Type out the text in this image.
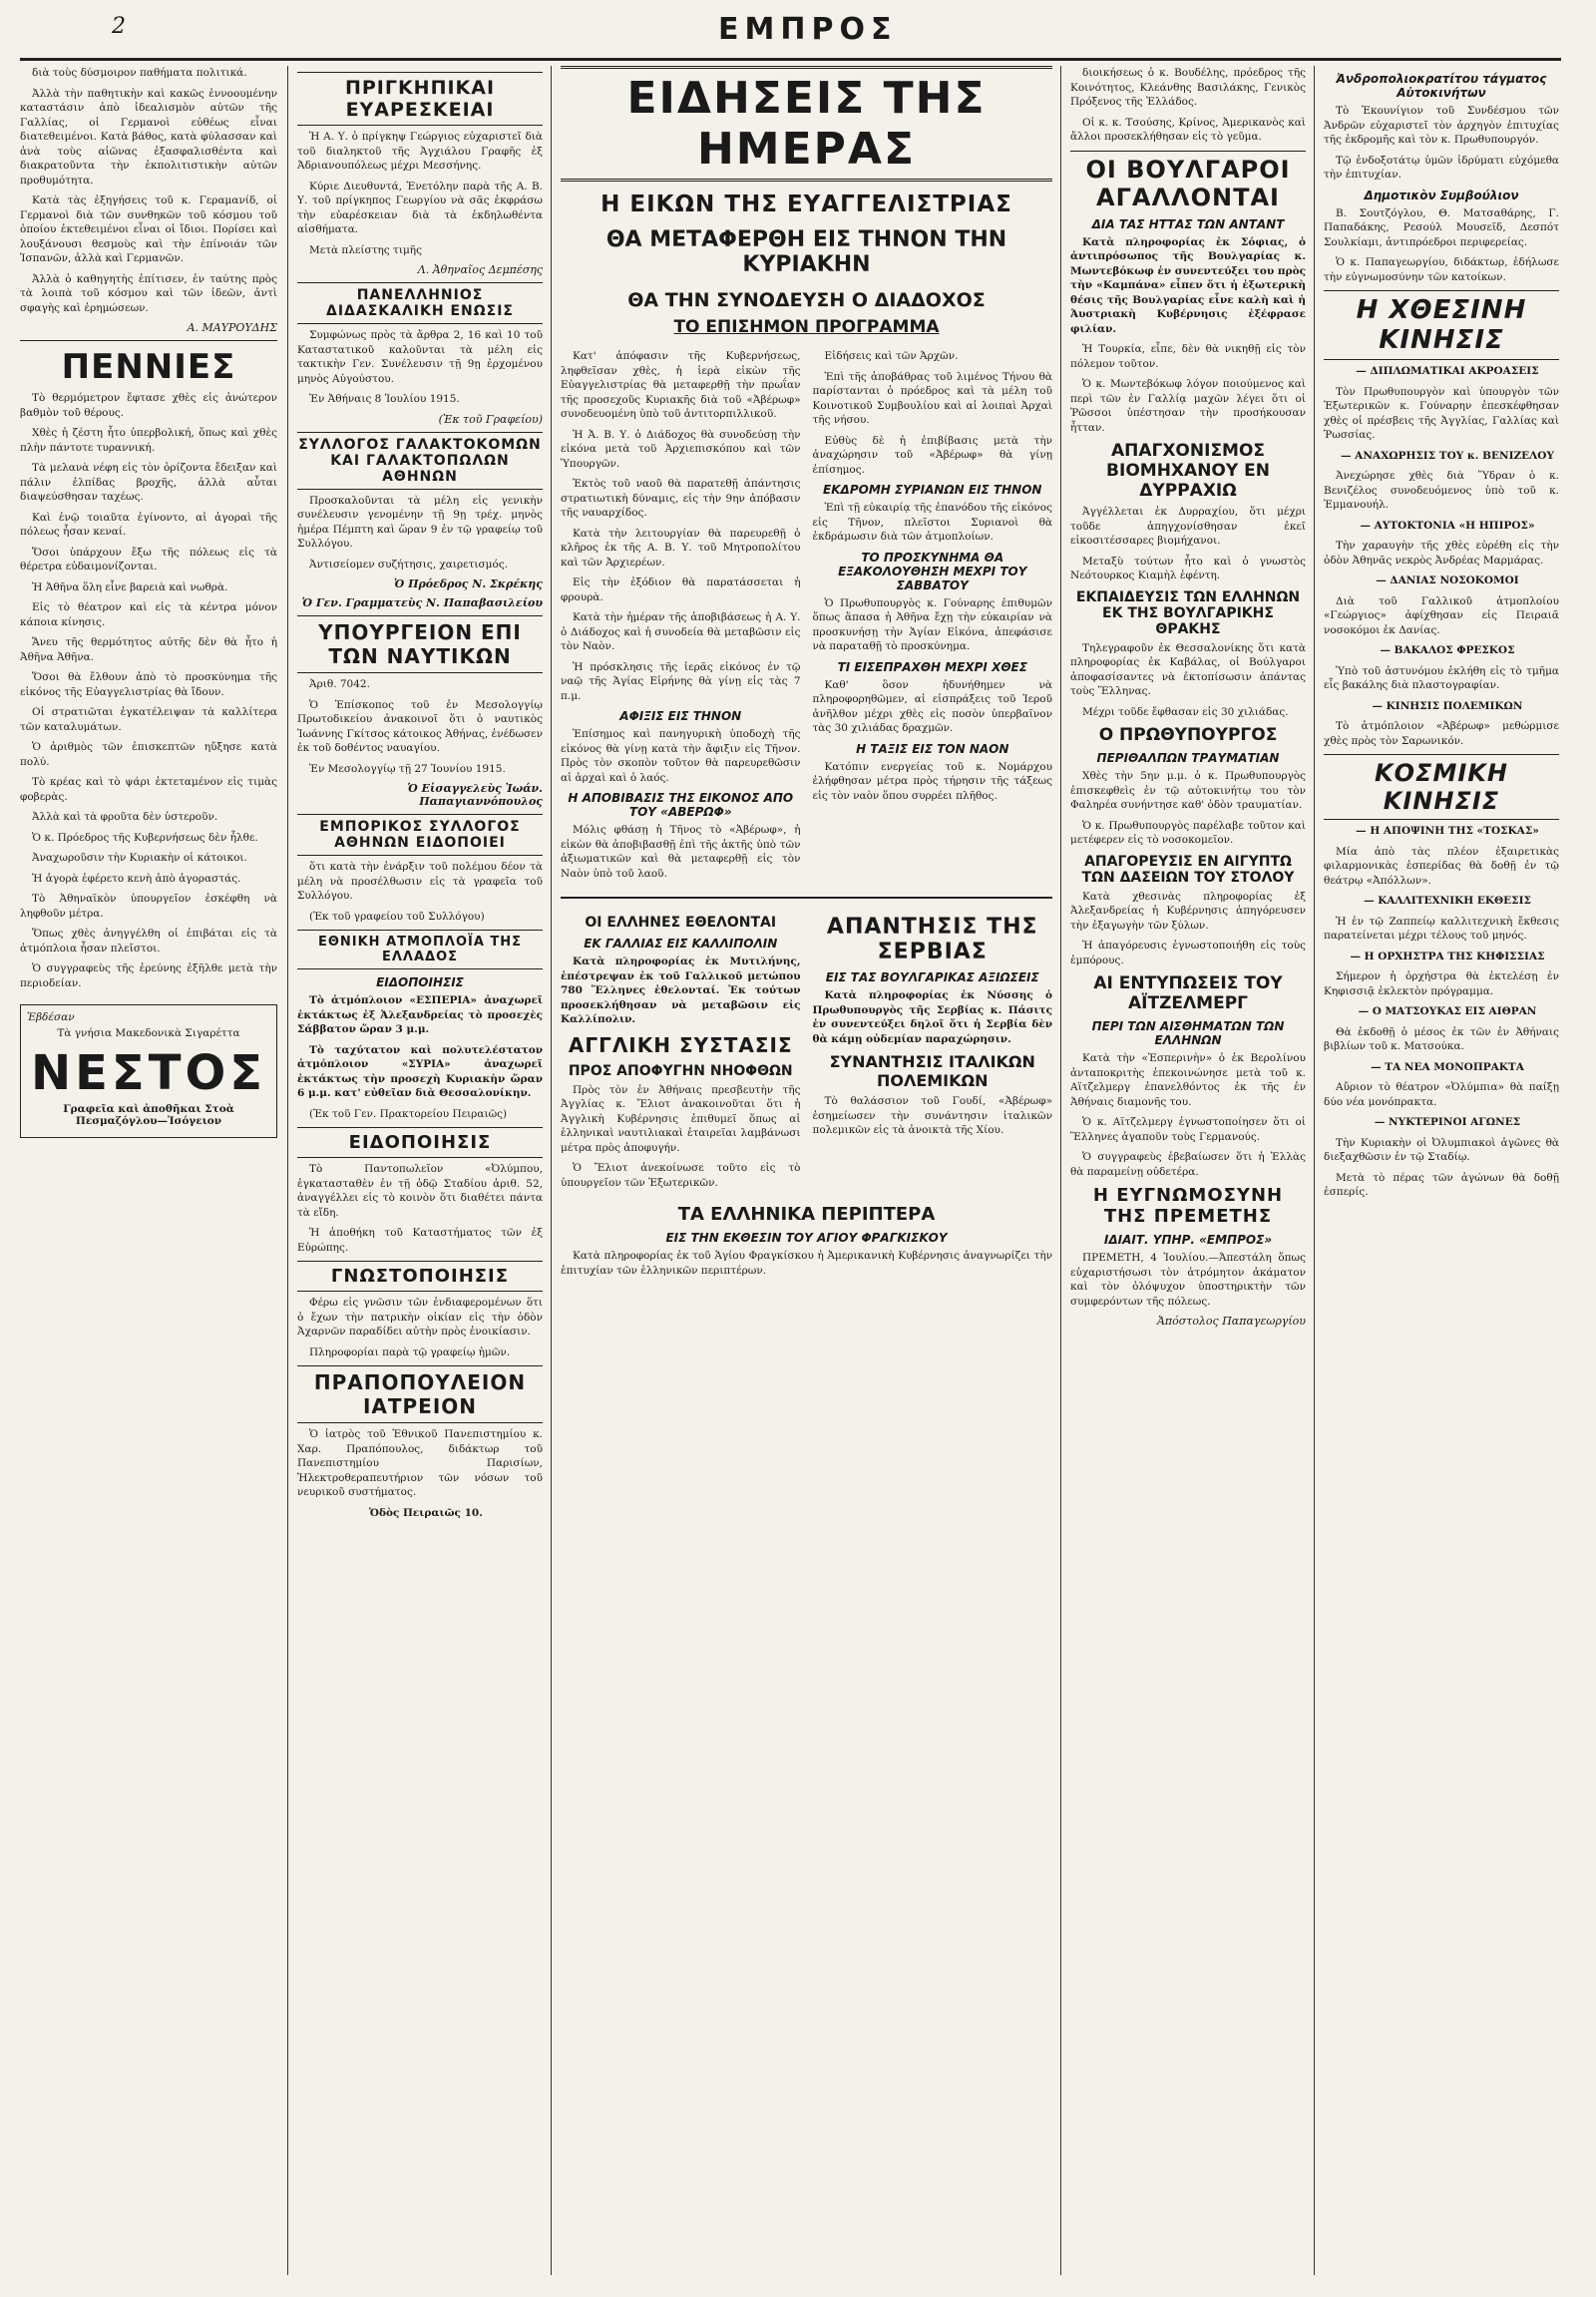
2	ΕΜΠΡΟΣ

διὰ τοὺς δύσμοιρον παθήματα πολιτικά.

Ἀλλὰ τὴν παθητικὴν καὶ κακῶς ἐννοουμένην καταστάσιν ἀπὸ ἰδεαλισμὸν αὐτῶν τῆς Γαλλίας, οἱ Γερμανοὶ εὐθέως εἶναι διατεθειμένοι. Κατὰ βάθος, κατὰ φύλασσαν καὶ ἀνὰ τοὺς αἰῶνας ἐξασφαλισθέντα καὶ διακρατοῦντα τὴν ἐκπολιτιστικὴν αὐτῶν προθυμότητα.

Κατὰ τὰς ἐξηγήσεις τοῦ κ. Γεραμανίδ, οἱ Γερμανοὶ διὰ τῶν συνθηκῶν τοῦ κόσμου τοῦ ὁποίου ἐκτεθειμένοι εἶναι οἱ ἴδιοι. Πορίσει καὶ λουξάνουσι θεσμοὺς καὶ τὴν ἐπίνοιάν τῶν Ἰσπανῶν, ἀλλὰ καὶ Γερμανῶν.

Ἀλλὰ ὁ καθηγητὴς ἐπίτισεν, ἐν ταύτης πρὸς τὰ λοιπὰ τοῦ κόσμου καὶ τῶν ἰδεῶν, ἀντὶ σφαγὴς καὶ ἐρημώσεων.

Α. ΜΑΥΡΟΥΔΗΣ
ΠΕΝΝΙΕΣ

Τὸ θερμόμετρον ἔφτασε χθὲς εἰς ἀνώτερον βαθμὸν τοῦ θέρους.

Χθὲς ἡ ζέστη ἦτο ὑπερβολική, ὅπως καὶ χθὲς πλὴν πάντοτε τυραννική.

Τὰ μελανὰ νέφη εἰς τὸν ὁρίζοντα ἔδειξαν καὶ πάλιν ἐλπίδας βροχῆς, ἀλλὰ αὗται διαψεύσθησαν ταχέως.

Καὶ ἐνῷ τοιαῦτα ἐγίνοντο, αἱ ἀγοραὶ τῆς πόλεως ἦσαν κεναί.

Ὅσοι ὑπάρχουν ἔξω τῆς πόλεως εἰς τὰ θέρετρα εὐδαιμονίζονται.

Ἡ Ἀθῆνα ὅλη εἶνε βαρειὰ καὶ νωθρὰ.

Εἰς τὸ θέατρον καὶ εἰς τὰ κέντρα μόνον κάποια κίνησις.

Ἄνευ τῆς θερμότητος αὐτῆς δὲν θὰ ἦτο ἡ Ἀθῆνα Ἀθῆνα.

Ὅσοι θὰ ἔλθουν ἀπὸ τὸ προσκύνημα τῆς εἰκόνος τῆς Εὐαγγελιστρίας θὰ ἴδουν.

Οἱ στρατιῶται ἐγκατέλειψαν τὰ καλλίτερα τῶν καταλυμάτων.

Ὁ ἀριθμὸς τῶν ἐπισκεπτῶν ηὔξησε κατὰ πολύ.

Τὸ κρέας καὶ τὸ ψάρι ἐκτεταμένον εἰς τιμὰς φοβερὰς.

Ἀλλὰ καὶ τὰ φροῦτα δὲν ὑστεροῦν.

Ὁ κ. Πρόεδρος τῆς Κυβερνήσεως δὲν ἦλθε.

Ἀναχωροῦσιν τὴν Κυριακὴν οἱ κάτοικοι.

Ἡ ἀγορὰ ἐφέρετο κενὴ ἀπὸ ἀγοραστάς.

Τὸ Ἀθηναϊκὸν ὑπουργεῖον ἐσκέφθη νὰ ληφθοῦν μέτρα.

Ὅπως χθὲς ἀνηγγέλθη οἱ ἐπιβάται εἰς τὰ ἀτμόπλοια ἦσαν πλεῖστοι.

Ὁ συγγραφεὺς τῆς ἐρεύνης ἐξῆλθε μετὰ τὴν περιοδείαν.

Ἐβδέσαν
Τὰ γνήσια Μακεδονικὰ Σιγαρέττα
ΝΕΣΤΟΣ
Γραφεῖα καὶ ἀποθῆκαι Στοὰ Πεσμαζόγλου—Ἰσόγειον
ΠΡΙΓΚΗΠΙΚΑΙ ΕΥΑΡΕΣΚΕΙΑΙ

Ἡ Α. Υ. ὁ πρίγκηψ Γεώργιος εὐχαριστεῖ διὰ τοῦ διαληκτοῦ τῆς Ἀγχιάλου Γραφῆς ἐξ Ἀδριανουπόλεως μέχρι Μεσσήνης.

Κύριε Διευθυντά, Ἐνετόλην παρὰ τῆς Α. Β. Υ. τοῦ πρίγκηπος Γεωργίου νὰ σᾶς ἐκφράσω τὴν εὐαρέσκειαν διὰ τὰ ἐκδηλωθέντα αἰσθήματα.

Μετὰ πλείστης τιμῆς

Λ. Ἀθηναῖος Δεμπέσης
ΠΑΝΕΛΛΗΝΙΟΣ ΔΙΔΑΣΚΑΛΙΚΗ ΕΝΩΣΙΣ

Συμφώνως πρὸς τὰ ἄρθρα 2, 16 καὶ 10 τοῦ Καταστατικοῦ καλοῦνται τὰ μέλη εἰς τακτικὴν Γεν. Συνέλευσιν τῇ 9ῃ ἐρχομένου μηνὸς Αὐγούστου.

Ἐν Ἀθήναις 8 Ἰουλίου 1915.

(Ἐκ τοῦ Γραφείου)
ΣΥΛΛΟΓΟΣ ΓΑΛΑΚΤΟΚΟΜΩΝ ΚΑΙ ΓΑΛΑΚΤΟΠΩΛΩΝ ΑΘΗΝΩΝ

Προσκαλοῦνται τὰ μέλη εἰς γενικὴν συνέλευσιν γενομένην τῇ 9ῃ τρέχ. μηνὸς ἡμέρα Πέμπτη καὶ ὥραν 9 ἐν τῷ γραφείῳ τοῦ Συλλόγου.

Ἀντισείομεν συζήτησις, χαιρετισμός.

Ὁ Πρόεδρος Ν. Σκρέκης
Ὁ Γεν. Γραμματεὺς Ν. Παπαβασιλείου
ΥΠΟΥΡΓΕΙΟΝ ΕΠΙ ΤΩΝ ΝΑΥΤΙΚΩΝ

Ἀριθ. 7042.

Ὁ Ἐπίσκοπος τοῦ ἐν Μεσολογγίῳ Πρωτοδικείου ἀνακοινοῖ ὅτι ὁ ναυτικὸς Ἰωάννης Γκίτσος κάτοικος Ἀθήνας, ἐνέδωσεν ἐκ τοῦ δοθέντος ναυαγίου.

Ἐν Μεσολογγίῳ τῇ 27 Ἰουνίου 1915.

Ὁ Εἰσαγγελεὺς Ἰωάν. Παπαγιαννόπουλος
ΕΜΠΟΡΙΚΟΣ ΣΥΛΛΟΓΟΣ ΑΘΗΝΩΝ ΕΙΔΟΠΟΙΕΙ

ὅτι κατὰ τὴν ἐνάρξιν τοῦ πολέμου δέον τὰ μέλη νὰ προσέλθωσιν εἰς τὰ γραφεῖα τοῦ Συλλόγου.

(Ἐκ τοῦ γραφείου τοῦ Συλλόγου)

ΕΘΝΙΚΗ ΑΤΜΟΠΛΟΪΑ ΤΗΣ ΕΛΛΑΔΟΣ
ΕΙΔΟΠΟΙΗΣΙΣ

Τὸ ἀτμόπλοιον «ΕΣΠΕΡΙΑ» ἀναχωρεῖ ἐκτάκτως ἐξ Ἀλεξανδρείας τὸ προσεχὲς Σάββατον ὥραν 3 μ.μ.

Τὸ ταχύτατον καὶ πολυτελέστατον ἀτμόπλοιον «ΣΥΡΙΑ» ἀναχωρεῖ ἐκτάκτως τὴν προσεχὴ Κυριακὴν ὥραν 6 μ.μ. κατ' εὐθεῖαν διὰ Θεσσαλονίκην.

(Ἐκ τοῦ Γεν. Πρακτορείου Πειραιῶς)

ΕΙΔΟΠΟΙΗΣΙΣ

Τὸ Παντοπωλεῖον «Ὀλύμπου, ἐγκατασταθὲν ἐν τῇ ὁδῷ Σταδίου ἀριθ. 52, ἀναγγέλλει εἰς τὸ κοινὸν ὅτι διαθέτει πάντα τὰ εἴδη.

Ἡ ἀποθήκη τοῦ Καταστήματος τῶν ἐξ Εὐρώπης.

ΓΝΩΣΤΟΠΟΙΗΣΙΣ

Φέρω εἰς γνῶσιν τῶν ἐνδιαφερομένων ὅτι ὁ ἔχων τὴν πατρικὴν οἰκίαν εἰς τὴν ὁδὸν Ἀχαρνῶν παραδίδει αὐτὴν πρὸς ἐνοικίασιν.

Πληροφορίαι παρὰ τῷ γραφείῳ ἡμῶν.

ΠΡΑΠΟΠΟΥΛΕΙΟΝ ΙΑΤΡΕΙΟΝ

Ὁ ἰατρὸς τοῦ Ἐθνικοῦ Πανεπιστημίου κ. Χαρ. Πραπόπουλος, διδάκτωρ τοῦ Πανεπιστημίου Παρισίων, Ἠλεκτροθεραπευτήριον τῶν νόσων τοῦ νευρικοῦ συστήματος.

Ὁδὸς Πειραιῶς 10.

ΕΙΔΗΣΕΙΣ ΤΗΣ ΗΜΕΡΑΣ
Η ΕΙΚΩΝ ΤΗΣ ΕΥΑΓΓΕΛΙΣΤΡΙΑΣ
ΘΑ ΜΕΤΑΦΕΡΘΗ ΕΙΣ ΤΗΝΟΝ ΤΗΝ ΚΥΡΙΑΚΗΝ
ΘΑ ΤΗΝ ΣΥΝΟΔΕΥΣΗ Ο ΔΙΑΔΟΧΟΣ
ΤΟ ΕΠΙΣΗΜΟΝ ΠΡΟΓΡΑΜΜΑ

Κατ' ἀπόφασιν τῆς Κυβερνήσεως, ληφθεῖσαν χθὲς, ἡ ἱερὰ εἰκὼν τῆς Εὐαγγελιστρίας θὰ μεταφερθῇ τὴν πρωΐαν τῆς προσεχοῦς Κυριακῆς διὰ τοῦ «Ἀβέρωφ» συνοδευομένη ὑπὸ τοῦ ἀντιτορπιλλικοῦ.

Ἡ Ἀ. Β. Υ. ὁ Διάδοχος θὰ συνοδεύσῃ τὴν εἰκόνα μετὰ τοῦ Ἀρχιεπισκόπου καὶ τῶν Ὑπουργῶν.

Ἐκτὸς τοῦ ναοῦ θὰ παρατεθῇ ἀπάντησις στρατιωτικὴ δύναμις, εἰς τὴν 9ην ἀπόβασιν τῆς ναυαρχίδος.

Κατὰ τὴν λειτουργίαν θὰ παρευρεθῇ ὁ κλῆρος ἐκ τῆς Α. Β. Υ. τοῦ Μητροπολίτου καὶ τῶν Ἀρχιερέων.

Εἰς τὴν ἐξόδιον θὰ παρατάσσεται ἡ φρουρὰ.

Κατὰ τὴν ἡμέραν τῆς ἀποβιβάσεως ἡ Α. Υ. ὁ Διάδοχος καὶ ἡ συνοδεία θὰ μεταβῶσιν εἰς τὸν Ναὸν.

Ἡ πρόσκλησις τῆς ἱερᾶς εἰκόνος ἐν τῷ ναῷ τῆς Ἁγίας Εἰρήνης θὰ γίνῃ εἰς τὰς 7 π.μ.

ΑΦΙΞΙΣ ΕΙΣ ΤΗΝΟΝ

Ἐπίσημος καὶ πανηγυρικὴ ὑποδοχὴ τῆς εἰκόνος θὰ γίνῃ κατὰ τὴν ἄφιξιν εἰς Τῆνον. Πρὸς τὸν σκοπὸν τοῦτον θὰ παρευρεθῶσιν αἱ ἀρχαὶ καὶ ὁ λαός.

Η ΑΠΟΒΙΒΑΣΙΣ ΤΗΣ ΕΙΚΟΝΟΣ ΑΠΟ ΤΟΥ «ΑΒΕΡΩΦ»

Μόλις φθάσῃ ἡ Τῆνος τὸ «Ἀβέρωφ», ἡ εἰκὼν θὰ ἀποβιβασθῇ ἐπὶ τῆς ἀκτῆς ὑπὸ τῶν ἀξιωματικῶν καὶ θὰ μεταφερθῇ εἰς τὸν Ναὸν ὑπὸ τοῦ λαοῦ.

Εἰδήσεις καὶ τῶν Ἀρχῶν.

Ἐπὶ τῆς ἀποβάθρας τοῦ λιμένος Τήνου θὰ παρίστανται ὁ πρόεδρος καὶ τὰ μέλη τοῦ Κοινοτικοῦ Συμβουλίου καὶ αἱ λοιπαὶ Ἀρχαὶ τῆς νήσου.

Εὐθὺς δὲ ἡ ἐπιβίβασις μετὰ τὴν ἀναχώρησιν τοῦ «Ἀβέρωφ» θὰ γίνῃ ἐπίσημος.

ΕΚΔΡΟΜΗ ΣΥΡΙΑΝΩΝ ΕΙΣ ΤΗΝΟΝ

Ἐπὶ τῇ εὐκαιρίᾳ τῆς ἐπανόδου τῆς εἰκόνος εἰς Τῆνον, πλεῖστοι Συριανοὶ θὰ ἐκδράμωσιν διὰ τῶν ἀτμοπλοίων.

ΤΟ ΠΡΟΣΚΥΝΗΜΑ ΘΑ ΕΞΑΚΟΛΟΥΘΗΣΗ ΜΕΧΡΙ ΤΟΥ ΣΑΒΒΑΤΟΥ

Ὁ Πρωθυπουργὸς κ. Γούναρης ἐπιθυμῶν ὅπως ἅπασα ἡ Ἀθῆνα ἔχῃ τὴν εὐκαιρίαν νὰ προσκυνήσῃ τὴν Ἁγίαν Εἰκόνα, ἀπεφάσισε νὰ παραταθῇ τὸ προσκύνημα.

ΤΙ ΕΙΣΕΠΡΑΧΘΗ ΜΕΧΡΙ ΧΘΕΣ

Καθ' ὃσον ἠδυνήθημεν νὰ πληροφορηθῶμεν, αἱ εἰσπράξεις τοῦ Ἱεροῦ ἀνῆλθον μέχρι χθὲς εἰς ποσὸν ὑπερβαῖνον τὰς 30 χιλιάδας δραχμῶν.

Η ΤΑΞΙΣ ΕΙΣ ΤΟΝ ΝΑΟΝ

Κατόπιν ενεργείας τοῦ κ. Νομάρχου ἐλήφθησαν μέτρα πρὸς τήρησιν τῆς τάξεως εἰς τὸν ναὸν ὅπου συρρέει πλῆθος.

ΟΙ ΕΛΛΗΝΕΣ ΕΘΕΛΟΝΤΑΙ
ΕΚ ΓΑΛΛΙΑΣ ΕΙΣ ΚΑΛΛΙΠΟΛΙΝ

Κατὰ πληροφορίας ἐκ Μυτιλήνης, ἐπέστρεψαν ἐκ τοῦ Γαλλικοῦ μετώπου 780 Ἕλληνες ἐθελονταί. Ἐκ τούτων προσεκλήθησαν νὰ μεταβῶσιν εἰς Καλλίπολιν.

ΑΓΓΛΙΚΗ ΣΥΣΤΑΣΙΣ
ΠΡΟΣ ΑΠΟΦΥΓΗΝ ΝΗΟΦΘΩΝ

Πρὸς τὸν ἐν Ἀθήναις πρεσβευτὴν τῆς Ἀγγλίας κ. Ἔλιοτ ἀνακοινοῦται ὅτι ἡ Ἀγγλικὴ Κυβέρνησις ἐπιθυμεῖ ὅπως αἱ ἑλληνικαὶ ναυτιλιακαὶ ἑταιρεῖαι λαμβάνωσι μέτρα πρὸς ἀποφυγήν.

Ὁ Ἔλιοτ ἀνεκοίνωσε τοῦτο εἰς τὸ ὑπουργεῖον τῶν Ἐξωτερικῶν.

ΑΠΑΝΤΗΣΙΣ ΤΗΣ ΣΕΡΒΙΑΣ
ΕΙΣ ΤΑΣ ΒΟΥΛΓΑΡΙΚΑΣ ΑΞΙΩΣΕΙΣ

Κατὰ πληροφορίας ἐκ Νύσσης ὁ Πρωθυπουργὸς τῆς Σερβίας κ. Πάσιτς ἐν συνεντεύξει δηλοῖ ὅτι ἡ Σερβία δὲν θὰ κάμῃ οὐδεμίαν παραχώρησιν.

ΣΥΝΑΝΤΗΣΙΣ ΙΤΑΛΙΚΩΝ ΠΟΛΕΜΙΚΩΝ

Τὸ θαλάσσιον τοῦ Γουδί, «Ἀβέρωφ» ἐσημείωσεν τὴν συνάντησιν ἰταλικῶν πολεμικῶν εἰς τὰ ἀνοικτὰ τῆς Χίου.

ΤΑ ΕΛΛΗΝΙΚΑ ΠΕΡΙΠΤΕΡΑ
ΕΙΣ ΤΗΝ ΕΚΘΕΣΙΝ ΤΟΥ ΑΓΙΟΥ ΦΡΑΓΚΙΣΚΟΥ

Κατὰ πληροφορίας ἐκ τοῦ Ἁγίου Φραγκίσκου ἡ Ἀμερικανικὴ Κυβέρνησις ἀναγνωρίζει τὴν ἐπιτυχίαν τῶν ἑλληνικῶν περιπτέρων.

διοικήσεως ὁ κ. Βουδέλης, πρόεδρος τῆς Κοινότητος, Κλεάνθης Βασιλάκης, Γενικὸς Πρόξενος τῆς Ἑλλάδος.

Οἱ κ. κ. Τσούσης, Κρίνος, Ἀμερικανὸς καὶ ἄλλοι προσεκλήθησαν εἰς τὸ γεῦμα.

ΟΙ ΒΟΥΛΓΑΡΟΙ ΑΓΑΛΛΟΝΤΑΙ
ΔΙΑ ΤΑΣ ΗΤΤΑΣ ΤΩΝ ΑΝΤΑΝΤ

Κατὰ πληροφορίας ἐκ Σόφιας, ὁ ἀντιπρόσωπος τῆς Βουλγαρίας κ. Μωντεβόκωφ ἐν συνεντεύξει του πρὸς τὴν «Καμπάνα» εἶπεν ὅτι ἡ ἐξωτερικὴ θέσις τῆς Βουλγαρίας εἶνε καλὴ καὶ ἡ Ἀυστριακὴ Κυβέρνησις ἐξέφρασε φιλίαν.

Ἡ Τουρκία, εἶπε, δὲν θὰ νικηθῇ εἰς τὸν πόλεμον τοῦτον.

Ὁ κ. Μωντεβόκωφ λόγον ποιούμενος καὶ περὶ τῶν ἐν Γαλλίᾳ μαχῶν λέγει ὅτι οἱ Ῥῶσσοι ὑπέστησαν τὴν προσήκουσαν ἧτταν.

ΑΠΑΓΧΟΝΙΣΜΟΣ ΒΙΟΜΗΧΑΝΟΥ ΕΝ ΔΥΡΡΑΧΙΩ

Ἀγγέλλεται ἐκ Δυρραχίου, ὅτι μέχρι τοῦδε ἀπηγχονίσθησαν ἐκεῖ εἰκοσιτέσσαρες βιομήχανοι.

Μεταξὺ τούτων ἦτο καὶ ὁ γνωστὸς Νεότουρκος Κιαμὴλ ἐφέντη.

ΕΚΠΑΙΔΕΥΣΙΣ ΤΩΝ ΕΛΛΗΝΩΝ ΕΚ ΤΗΣ ΒΟΥΛΓΑΡΙΚΗΣ ΘΡΑΚΗΣ

Τηλεγραφοῦν ἐκ Θεσσαλονίκης ὅτι κατὰ πληροφορίας ἐκ Καβάλας, οἱ Βούλγαροι ἀποφασίσαντες νὰ ἐκτοπίσωσιν ἁπάντας τοὺς Ἕλληνας.

Μέχρι τοῦδε ἔφθασαν εἰς 30 χιλιάδας.

Ο ΠΡΩΘΥΠΟΥΡΓΟΣ
ΠΕΡΙΘΑΛΠΩΝ ΤΡΑΥΜΑΤΙΑΝ

Χθὲς τὴν 5ην μ.μ. ὁ κ. Πρωθυπουργὸς ἐπισκεφθεὶς ἐν τῷ αὐτοκινήτῳ του τὸν Φαληρέα συνήντησε καθ' ὁδὸν τραυματίαν.

Ὁ κ. Πρωθυπουργὸς παρέλαβε τοῦτον καὶ μετέφερεν εἰς τὸ νοσοκομεῖον.

ΑΠΑΓΟΡΕΥΣΙΣ ΕΝ ΑΙΓΥΠΤΩ ΤΩΝ ΔΑΣΕΙΩΝ ΤΟΥ ΣΤΟΛΟΥ

Κατὰ χθεσινὰς πληροφορίας ἐξ Ἀλεξανδρείας ἡ Κυβέρνησις ἀπηγόρευσεν τὴν ἐξαγωγὴν τῶν ξύλων.

Ἡ ἀπαγόρευσις ἐγνωστοποιήθη εἰς τοὺς ἐμπόρους.

ΑΙ ΕΝΤΥΠΩΣΕΙΣ ΤΟΥ ΑΪΤΖΕΛΜΕΡΓ
ΠΕΡΙ ΤΩΝ ΑΙΣΘΗΜΑΤΩΝ ΤΩΝ ΕΛΛΗΝΩΝ

Κατὰ τὴν «Ἑσπερινὴν» ὁ ἐκ Βερολίνου ἀνταποκριτὴς ἐπεκοινώνησε μετὰ τοῦ κ. Αϊτζελμεργ ἐπανελθόντος ἐκ τῆς ἐν Ἀθήναις διαμονῆς του.

Ὁ κ. Αϊτζελμεργ ἐγνωστοποίησεν ὅτι οἱ Ἕλληνες ἀγαποῦν τοὺς Γερμανούς.

Ὁ συγγραφεὺς ἐβεβαίωσεν ὅτι ἡ Ἑλλὰς θὰ παραμείνῃ οὐδετέρα.

Η ΕΥΓΝΩΜΟΣΥΝΗ ΤΗΣ ΠΡΕΜΕΤΗΣ
ΙΔΙΑΙΤ. ΥΠΗΡ. «ΕΜΠΡΟΣ»

ΠΡΕΜΕΤΗ, 4 Ἰουλίου.—Ἀπεστάλη ὅπως εὐχαριστήσωσι τὸν ἀτρόμητον ἀκάματον καὶ τὸν ὁλόψυχον ὑποστηρικτὴν τῶν συμφερόντων τῆς πόλεως.

Ἀπόστολος Παπαγεωργίου
Ἀνδροπολιοκρατίτου τάγματος Αὐτοκινήτων

Τὸ Ἐκουνίγιον τοῦ Συνδέσμου τῶν Ἀνδρῶν εὐχαριστεῖ τὸν ἀρχηγὸν ἐπιτυχίας τῆς ἐκδρομῆς καὶ τὸν κ. Πρωθυπουργόν.

Τῷ ἐνδοξοτάτῳ ὑμῶν ἰδρύματι εὐχόμεθα τὴν ἐπιτυχίαν.

Δημοτικὸν Συμβούλιον

Β. Σουτζόγλου, Θ. Ματσαθάρης, Γ. Παπαδάκης, Ρεσούλ Μουσεῖδ, Δεσπότ Σουλκίαμι, ἀντιπρόεδροι περιφερείας.

Ὁ κ. Παπαγεωργίου, διδάκτωρ, ἐδήλωσε τὴν εὐγνωμοσύνην τῶν κατοίκων.

Η ΧΘΕΣΙΝΗ ΚΙΝΗΣΙΣ

— ΔΙΠΛΩΜΑΤΙΚΑΙ ΑΚΡΟΑΣΕΙΣ

Τὸν Πρωθυπουργὸν καὶ ὑπουργὸν τῶν Ἐξωτερικῶν κ. Γούναρην ἐπεσκέφθησαν χθὲς οἱ πρέσβεις τῆς Ἀγγλίας, Γαλλίας καὶ Ῥωσσίας.

— ΑΝΑΧΩΡΗΣΙΣ ΤΟΥ κ. ΒΕΝΙΖΕΛΟΥ

Ἀνεχώρησε χθὲς διὰ Ὕδραν ὁ κ. Βενιζέλος συνοδευόμενος ὑπὸ τοῦ κ. Ἐμμανουήλ.

— ΑΥΤΟΚΤΟΝΙΑ «Η ΗΠΙΡΟΣ»

Τὴν χαραυγὴν τῆς χθὲς εὑρέθη εἰς τὴν ὁδὸν Ἀθηνᾶς νεκρὸς Ἀνδρέας Μαρμάρας.

— ΔΑΝΙΑΣ ΝΟΣΟΚΟΜΟΙ

Διὰ τοῦ Γαλλικοῦ ἀτμοπλοίου «Γεώργιος» ἀφίχθησαν εἰς Πειραιᾶ νοσοκόμοι ἐκ Δανίας.

— ΒΑΚΑΛΟΣ ΦΡΕΣΚΟΣ

Ὑπὸ τοῦ ἀστυνόμου ἐκλήθη εἰς τὸ τμῆμα εἷς βακάλης διὰ πλαστογραφίαν.

— ΚΙΝΗΣΙΣ ΠΟΛΕΜΙΚΩΝ

Τὸ ἀτμόπλοιον «Ἀβέρωφ» μεθώρμισε χθὲς πρὸς τὸν Σαρωνικόν.

ΚΟΣΜΙΚΗ ΚΙΝΗΣΙΣ

— Η ΑΠΟΨΙΝΗ ΤΗΣ «ΤΟΣΚΑΣ»

Μία ἀπὸ τὰς πλέον ἐξαιρετικὰς φιλαρμονικὰς ἑσπερίδας θὰ δοθῇ ἐν τῷ θεάτρῳ «Ἀπόλλων».

— ΚΑΛΛΙΤΕΧΝΙΚΗ ΕΚΘΕΣΙΣ

Ἡ ἐν τῷ Ζαππείῳ καλλιτεχνικὴ ἔκθεσις παρατείνεται μέχρι τέλους τοῦ μηνός.

— Η ΟΡΧΗΣΤΡΑ ΤΗΣ ΚΗΦΙΣΣΙΑΣ

Σήμερον ἡ ὀρχήστρα θὰ ἐκτελέσῃ ἐν Κηφισσιᾷ ἐκλεκτὸν πρόγραμμα.

— Ο ΜΑΤΣΟΥΚΑΣ ΕΙΣ ΑΙΘΡΑΝ

Θὰ ἐκδοθῇ ὁ μέσος ἐκ τῶν ἐν Ἀθήναις βιβλίων τοῦ κ. Ματσούκα.

— ΤΑ ΝΕΑ ΜΟΝΟΠΡΑΚΤΑ

Αὔριον τὸ θέατρον «Ὀλύμπια» θὰ παίξῃ δύο νέα μονόπρακτα.

— ΝΥΚΤΕΡΙΝΟΙ ΑΓΩΝΕΣ

Τὴν Κυριακὴν οἱ Ὀλυμπιακοὶ ἀγῶνες θὰ διεξαχθῶσιν ἐν τῷ Σταδίῳ.

Μετὰ τὸ πέρας τῶν ἀγώνων θὰ δοθῇ ἑσπερίς.
